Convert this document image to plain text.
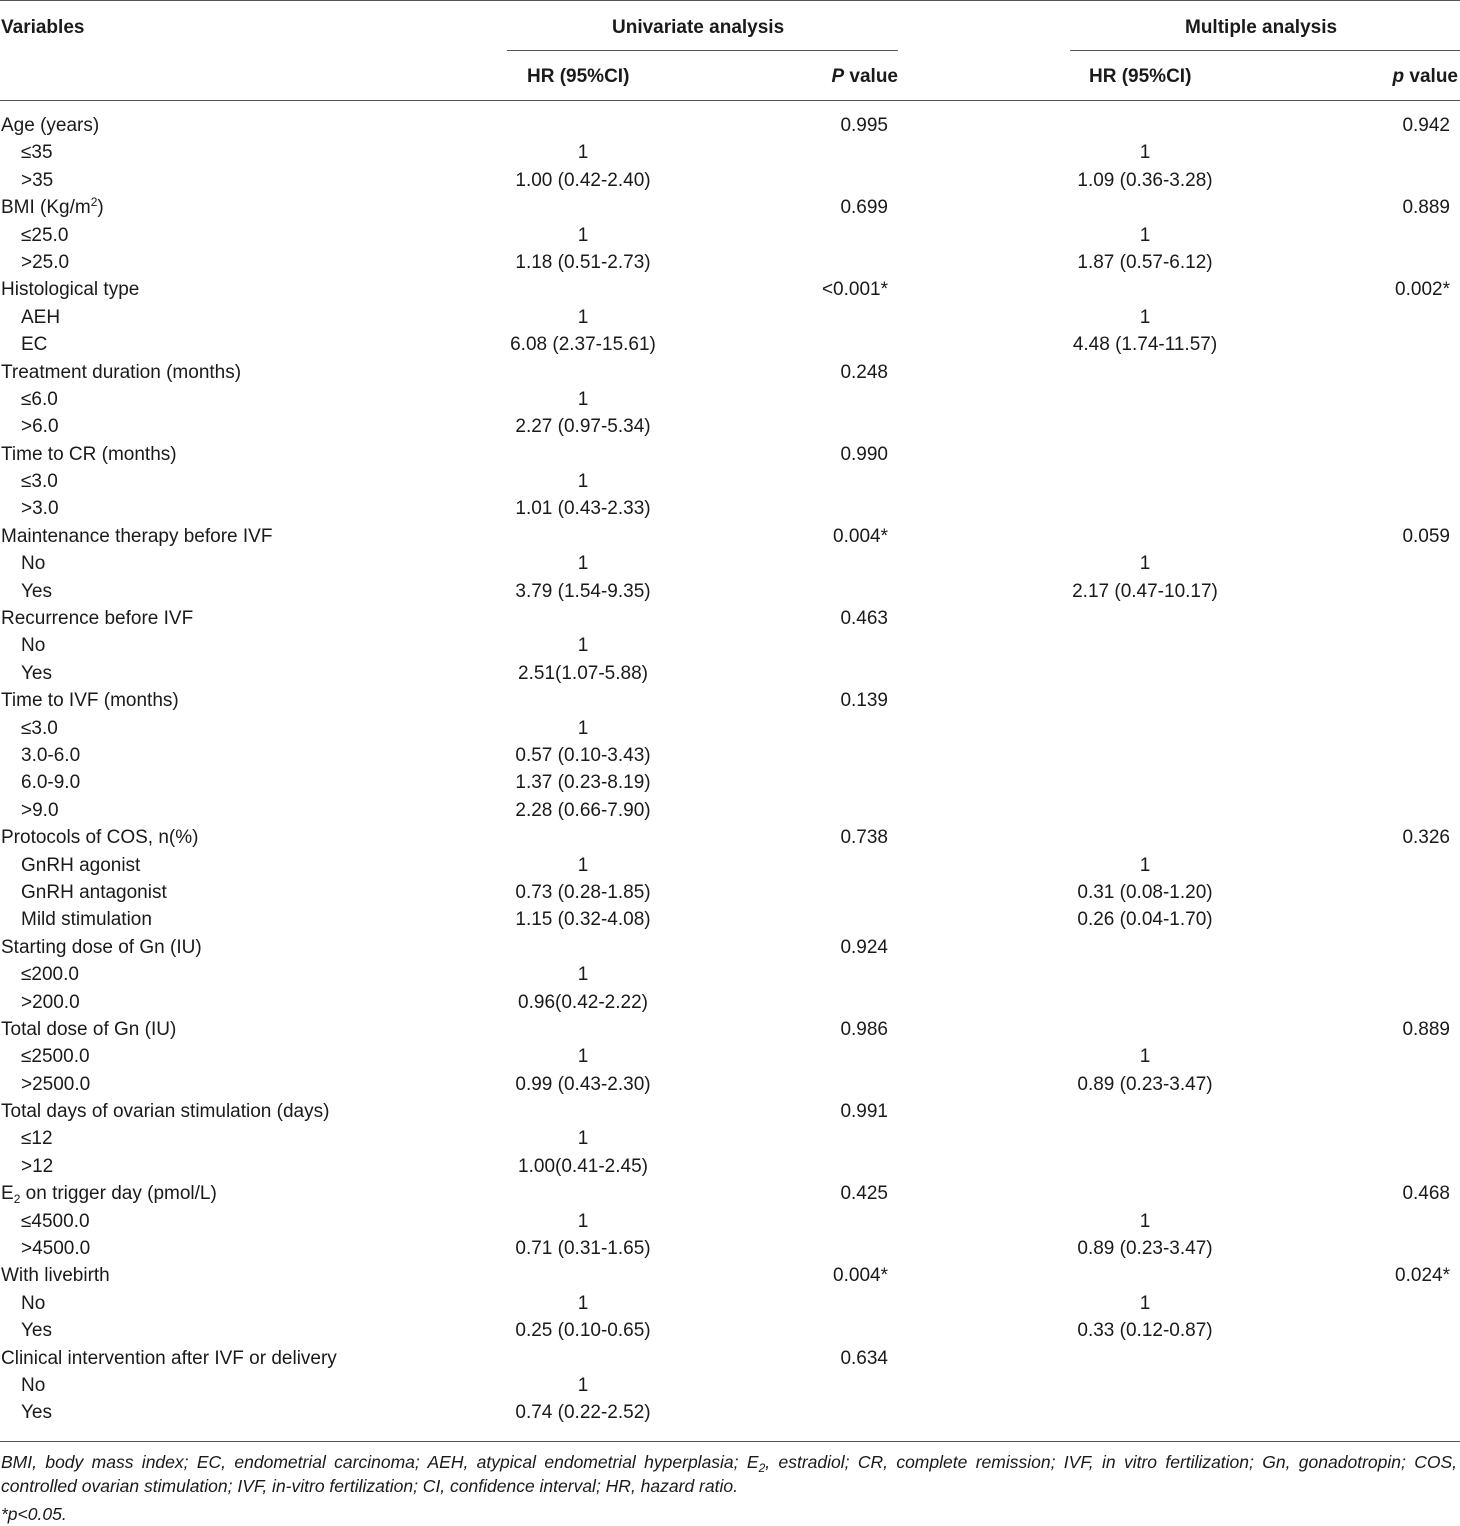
Variables	Univariate analysis	Multiple analysis
HR (95%CI)	P value	HR (95%CI)	p value
Age (years)	0.995	0.942
≤35	1	1
>35	1.00 (0.42-2.40)	1.09 (0.36-3.28)
BMI $(Kg/m^2)$	0.699	0.889
≤25.0	1	1
>25.0	1.18 (0.51-2.73)	1.87 (0.57-6.12)
Histological type	<0.001*	0.002*
AEH	1	1
EC	6.08 (2.37-15.61)	4.48 (1.74-11.57)
Treatment duration (months)	0.248
≤6.0	1
>6.0	2.27 (0.97-5.34)
Time to CR (months)	0.990
≤3.0	1
>3.0	1.01 (0.43-2.33)
Maintenance therapy before IVF	0.004*	0.059
No	1	1
Yes	3.79 (1.54-9.35)	2.17 (0.47-10.17)
Recurrence before IVF	0.463
No	1
Yes	2.51(1.07-5.88)
Time to IVF (months)	0.139
≤3.0	1
3.0-6.0	0.57 (0.10-3.43)
6.0-9.0	1.37 (0.23-8.19)
>9.0	2.28 (0.66-7.90)
Protocols of COS, n(%)	0.738	0.326
GnRH agonist	1	1
GnRH antagonist	0.73 (0.28-1.85)	0.31 (0.08-1.20)
Mild stimulation	1.15 (0.32-4.08)	0.26 (0.04-1.70)
Starting dose of Gn (IU)	0.924
≤200.0	1
>200.0	0.96(0.42-2.22)
Total dose of Gn (IU)	0.986	0.889
≤2500.0	1	1
>2500.0	0.99 (0.43-2.30)	0.89 (0.23-3.47)
Total days of ovarian stimulation (days)	0.991
≤12	1
>12	1.00(0.41-2.45)
$E_2$ on trigger day (pmol/L)	0.425	0.468
≤4500.0	1	1
>4500.0	0.71 (0.31-1.65)	0.89 (0.23-3.47)
With livebirth	0.004*	0.024*
No	1	1
Yes	0.25 (0.10-0.65)	0.33 (0.12-0.87)
Clinical intervention after IVF or delivery	0.634
No	1
Yes	0.74 (0.22-2.52)
BMI, body mass index; EC, endometrial carcinoma; AEH, atypical endometrial hyperplasia; $E_2$, estradiol; CR, complete remission; IVF, in vitro fertilization; Gn, gonadotropin; COS, controlled ovarian stimulation; IVF, in-vitro fertilization; CI, confidence interval; HR, hazard ratio.
*p<0.05.
